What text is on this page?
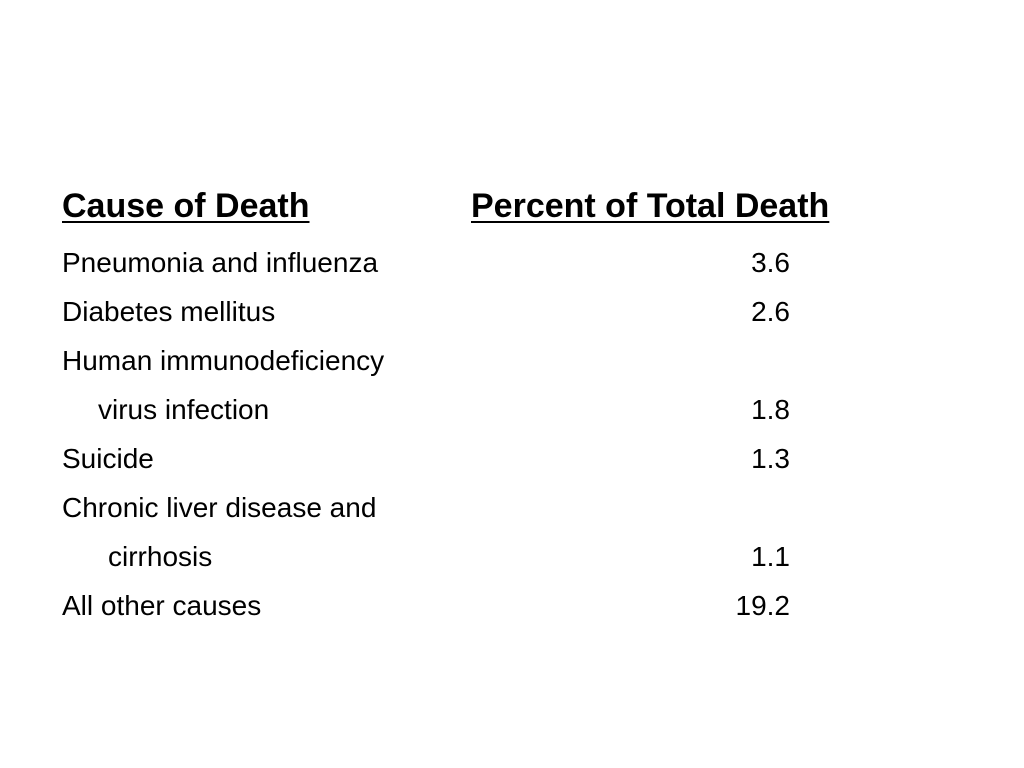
Cause of Death	Percent of Total Death
Pneumonia and influenza	3.6
Diabetes mellitus	2.6
Human immunodeficiency
virus infection	1.8
Suicide	1.3
Chronic liver disease and
cirrhosis	1.1
All other causes	19.2
